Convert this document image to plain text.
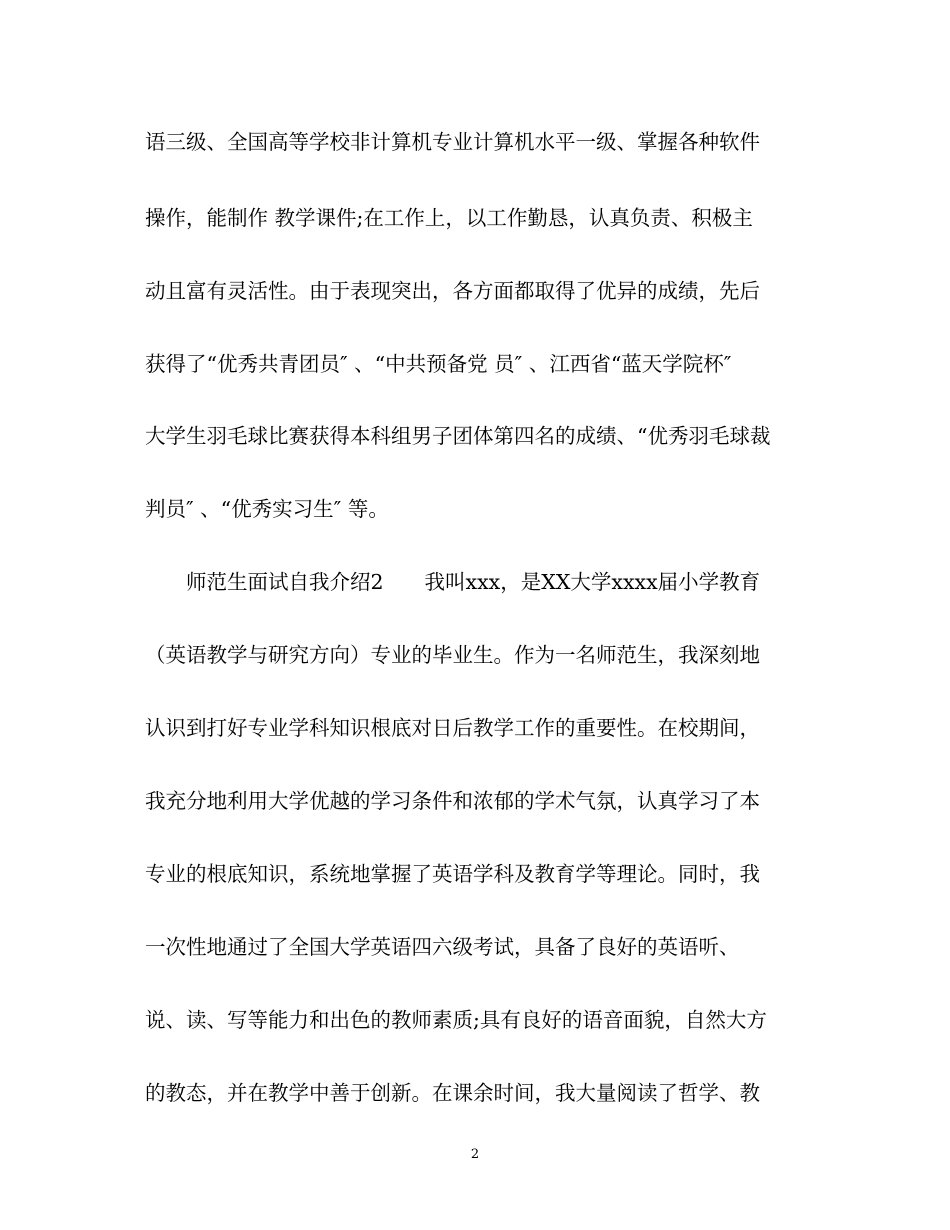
语三级、全国高等学校非计算机专业计算机水平一级、掌握各种软件
操作，能制作 教学课件;在工作上，以工作勤恳，认真负责、积极主
动且富有灵活性。由于表现突出，各方面都取得了优异的成绩，先后
获得了“优秀共青团员″ 、“中共预备党 员″ 、江西省“蓝天学院杯″
大学生羽毛球比赛获得本科组男子团体第四名的成绩、“优秀羽毛球裁
判员″ 、“优秀实习生″ 等。
　　师范生面试自我介绍2　　我叫xxx，是XX大学xxxx届小学教育
（英语教学与研究方向）专业的毕业生。作为一名师范生，我深刻地
认识到打好专业学科知识根底对日后教学工作的重要性。在校期间，
我充分地利用大学优越的学习条件和浓郁的学术气氛，认真学习了本
专业的根底知识，系统地掌握了英语学科及教育学等理论。同时，我
一次性地通过了全国大学英语四六级考试，具备了良好的英语听、
说、读、写等能力和出色的教师素质;具有良好的语音面貌，自然大方
的教态，并在教学中善于创新。在课余时间，我大量阅读了哲学、教
2
